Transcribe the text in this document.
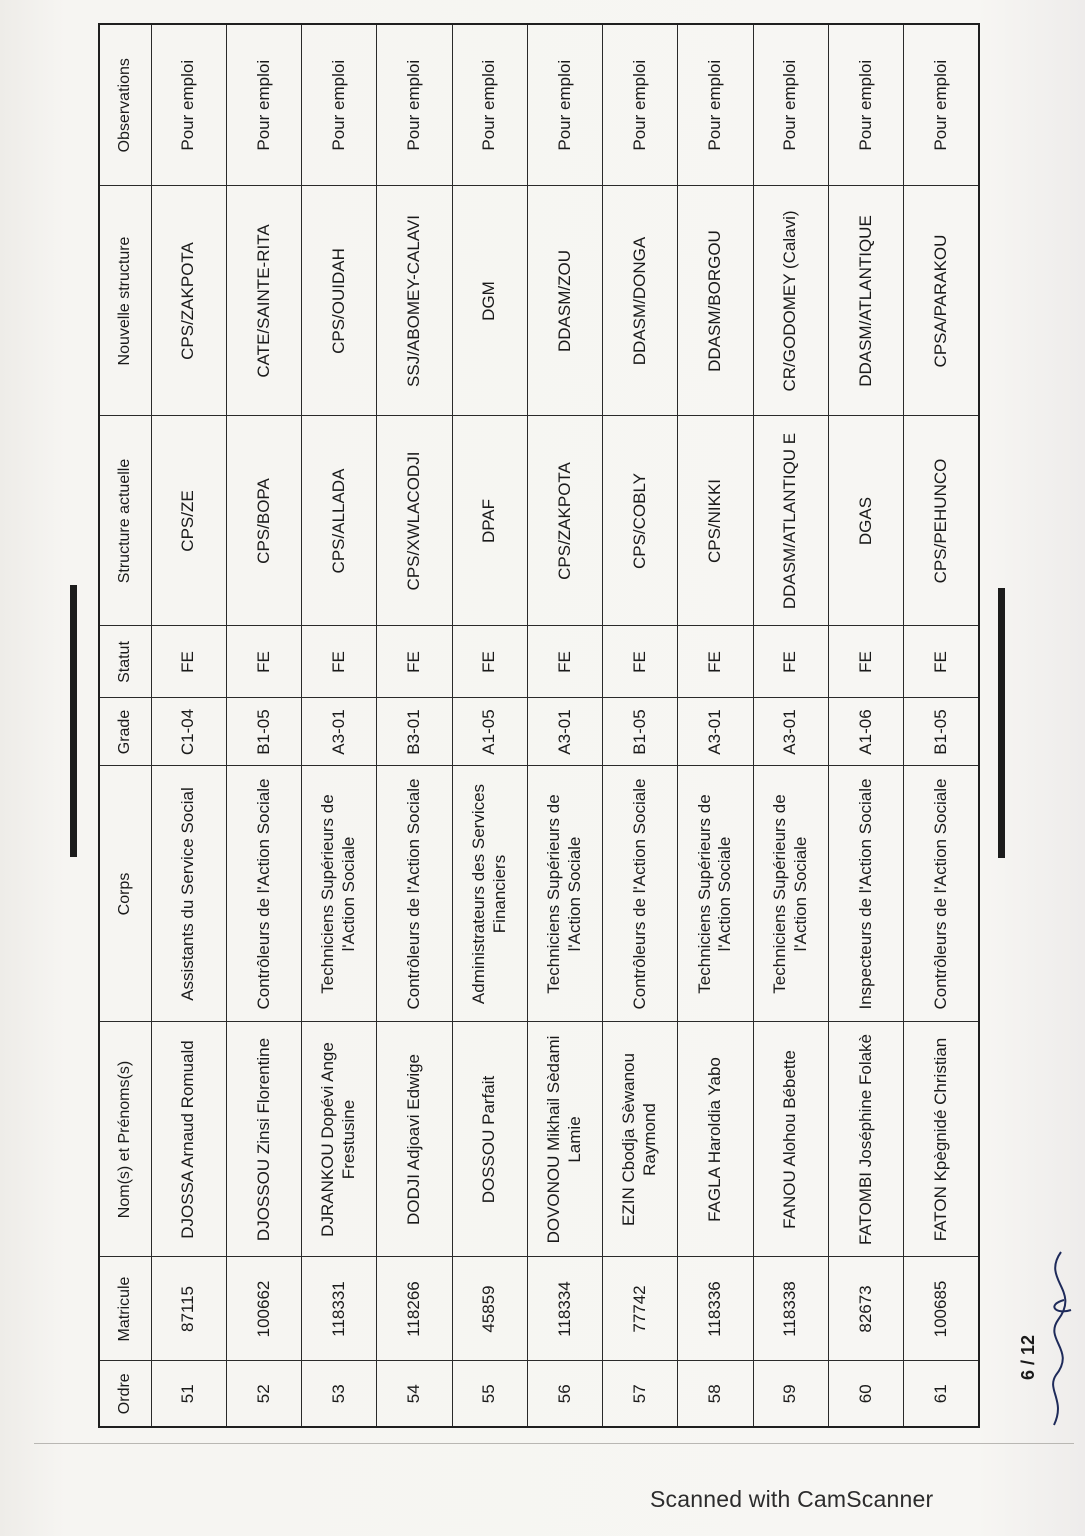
Ordre	Matricule	Nom(s) et Prénoms(s)	Corps	Grade	Statut	Structure actuelle	Nouvelle structure	Observations
51	87115	DJOSSA Arnaud Romuald	Assistants du Service Social	C1-04	FE	CPS/ZE	CPS/ZAKPOTA	Pour emploi
52	100662	DJOSSOU Zinsi Florentine	Contrôleurs de l'Action Sociale	B1-05	FE	CPS/BOPA	CATE/SAINTE-RITA	Pour emploi
53	118331	DJRANKOU Dopévi Ange Frestusine	Techniciens Supérieurs de l'Action Sociale	A3-01	FE	CPS/ALLADA	CPS/OUIDAH	Pour emploi
54	118266	DODJI Adjoavi Edwige	Contrôleurs de l'Action Sociale	B3-01	FE	CPS/XWLACODJI	SSJ/ABOMEY-CALAVI	Pour emploi
55	45859	DOSSOU Parfait	Administrateurs des Services Financiers	A1-05	FE	DPAF	DGM	Pour emploi
56	118334	DOVONOU Mikhail Sèdami Lamie	Techniciens Supérieurs de l'Action Sociale	A3-01	FE	CPS/ZAKPOTA	DDASM/ZOU	Pour emploi
57	77742	EZIN Cbodja Sèwanou Raymond	Contrôleurs de l'Action Sociale	B1-05	FE	CPS/COBLY	DDASM/DONGA	Pour emploi
58	118336	FAGLA Haroldia Yabo	Techniciens Supérieurs de l'Action Sociale	A3-01	FE	CPS/NIKKI	DDASM/BORGOU	Pour emploi
59	118338	FANOU Alohou Bébette	Techniciens Supérieurs de l'Action Sociale	A3-01	FE	DDASM/ATLANTIQU E	CR/GODOMEY (Calavi)	Pour emploi
60	82673	FATOMBI Joséphine Folakè	Inspecteurs de l'Action Sociale	A1-06	FE	DGAS	DDASM/ATLANTIQUE	Pour emploi
61	100685	FATON Kpègnidé Christian	Contrôleurs de l'Action Sociale	B1-05	FE	CPS/PEHUNCO	CPSA/PARAKOU	Pour emploi
6 / 12
Scanned with CamScanner
